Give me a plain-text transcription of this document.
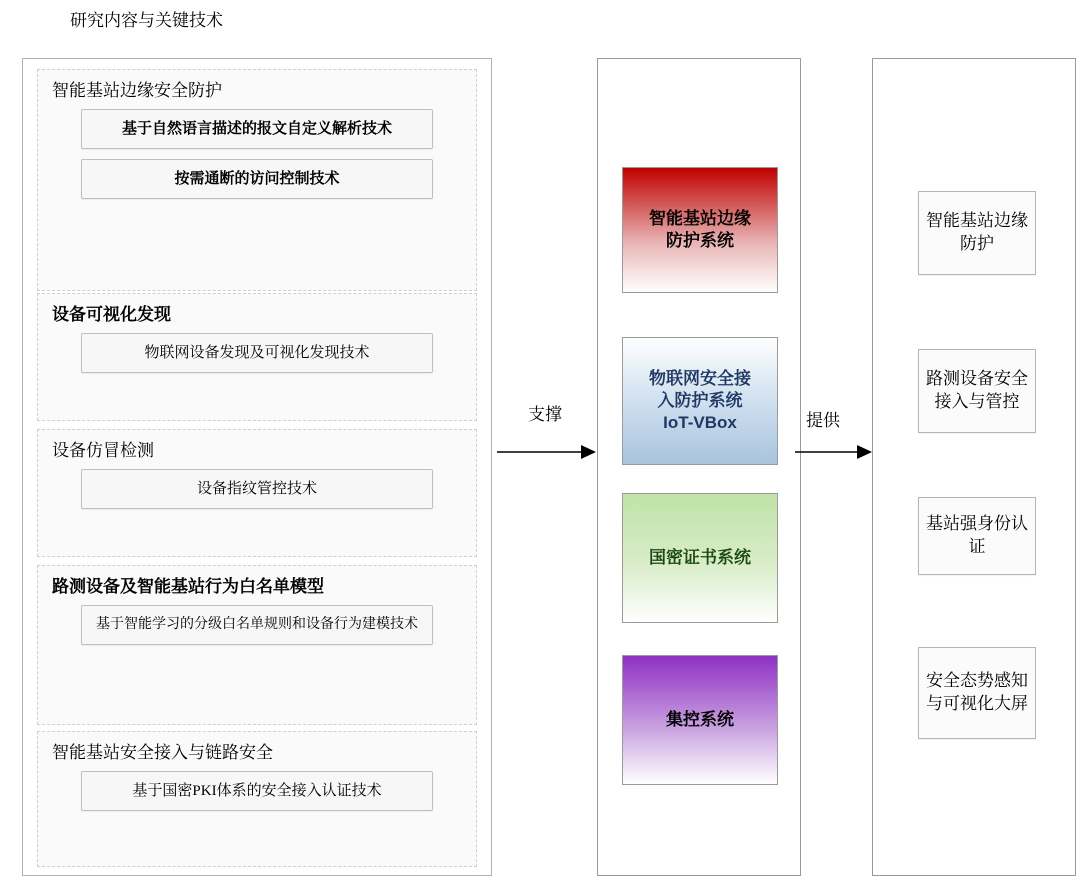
研究内容与关键技术
智能基站边缘安全防护
基于自然语言描述的报文自定义解析技术
按需通断的访问控制技术
设备可视化发现
物联网设备发现及可视化发现技术
设备仿冒检测
设备指纹管控技术
路测设备及智能基站行为白名单模型
基于智能学习的分级白名单规则和设备行为建模技术
智能基站安全接入与链路安全
基于国密PKI体系的安全接入认证技术
支撑
智能基站边缘
防护系统
物联网安全接
入防护系统
IoT-VBox
国密证书系统
集控系统
提供
智能基站边缘防护
路测设备安全接入与管控
基站强身份认证
安全态势感知与可视化大屏
